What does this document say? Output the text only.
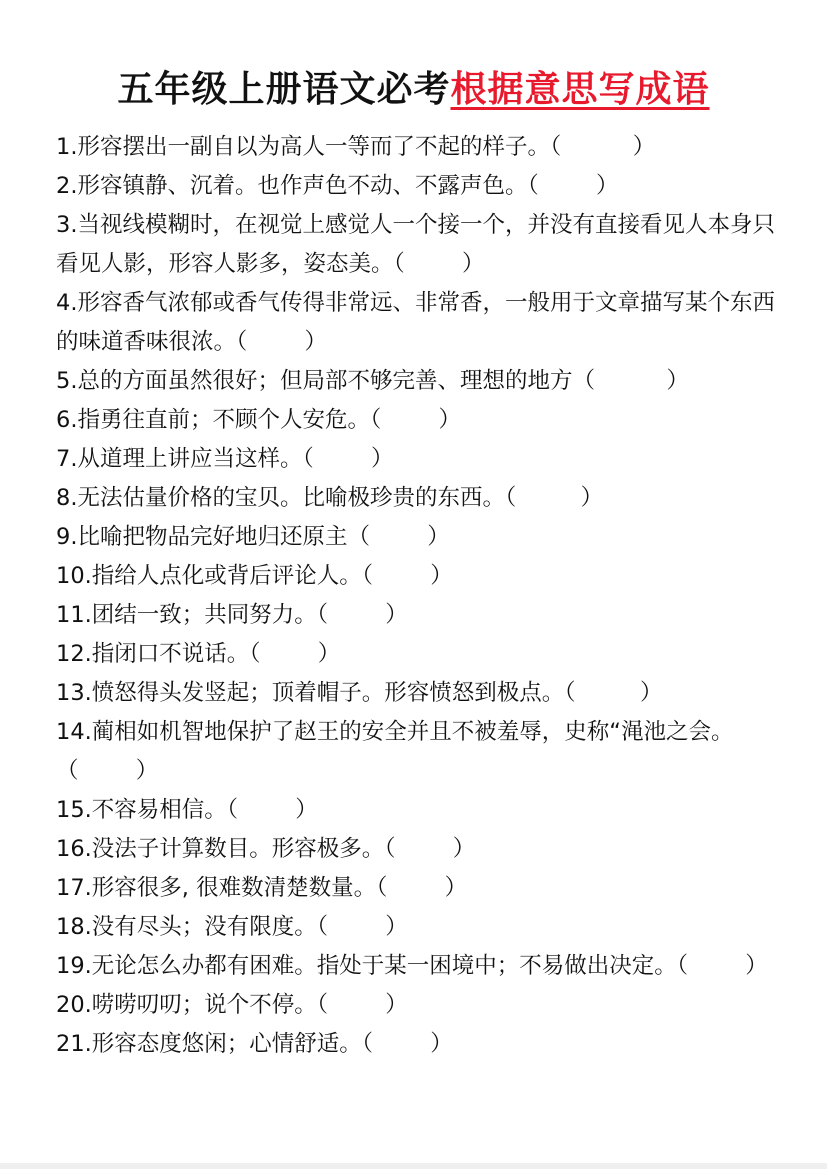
五年级上册语文必考根据意思写成语
1.形容摆出一副自以为高人一等而了不起的样子。（	）
2.形容镇静、沉着。也作声色不动、不露声色。（	）
3.当视线模糊时，在视觉上感觉人一个接一个，并没有直接看见人本身只看见人影，形容人影多，姿态美。（	）
4.形容香气浓郁或香气传得非常远、非常香，一般用于文章描写某个东西的味道香味很浓。（	）
5.总的方面虽然很好；但局部不够完善、理想的地方（	）
6.指勇往直前；不顾个人安危。（	）
7.从道理上讲应当这样。（	）
8.无法估量价格的宝贝。比喻极珍贵的东西。（	）
9.比喻把物品完好地归还原主（	）
10.指给人点化或背后评论人。（	）
11.团结一致；共同努力。（	）
12.指闭口不说话。（	）
13.愤怒得头发竖起；顶着帽子。形容愤怒到极点。（	）
14.蔺相如机智地保护了赵王的安全并且不被羞辱，史称“渑池之会。（	）
15.不容易相信。（	）
16.没法子计算数目。形容极多。（	）
17.形容很多, 很难数清楚数量。（	）
18.没有尽头；没有限度。（	）
19.无论怎么办都有困难。指处于某一困境中；不易做出决定。（	）
20.唠唠叨叨；说个不停。（	）
21.形容态度悠闲；心情舒适。（	）
